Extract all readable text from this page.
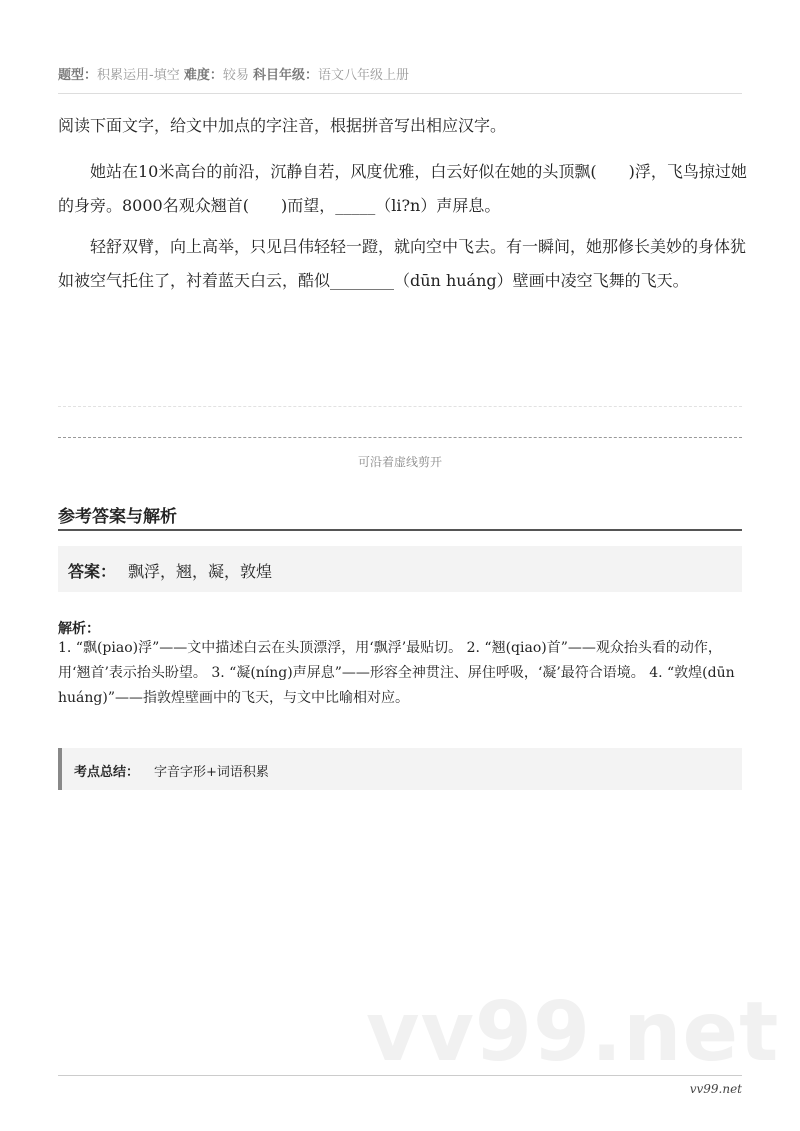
题型：积累运用-填空 难度：较易 科目年级：语文八年级上册
阅读下面文字，给文中加点的字注音，根据拼音写出相应汉字。

她站在10米高台的前沿，沉静自若，风度优雅，白云好似在她的头顶飘(　　)浮，飞鸟掠过她的身旁。8000名观众翘首(　　)而望，_____（li?n）声屏息。

轻舒双臂，向上高举，只见吕伟轻轻一蹬，就向空中飞去。有一瞬间，她那修长美妙的身体犹如被空气托住了，衬着蓝天白云，酷似________（dūn huáng）壁画中凌空飞舞的飞天。

可沿着虚线剪开
参考答案与解析
答案： 飘浮，翘，凝，敦煌
解析：
1. “飘(piao)浮”——文中描述白云在头顶漂浮，用‘飘浮’最贴切。 2. “翘(qiao)首”——观众抬头看的动作，用‘翘首’表示抬头盼望。 3. “凝(níng)声屏息”——形容全神贯注、屏住呼吸，‘凝’最符合语境。 4. “敦煌(dūn huáng)”——指敦煌壁画中的飞天，与文中比喻相对应。
考点总结： 字音字形+词语积累
vv99.net
vv99.net
